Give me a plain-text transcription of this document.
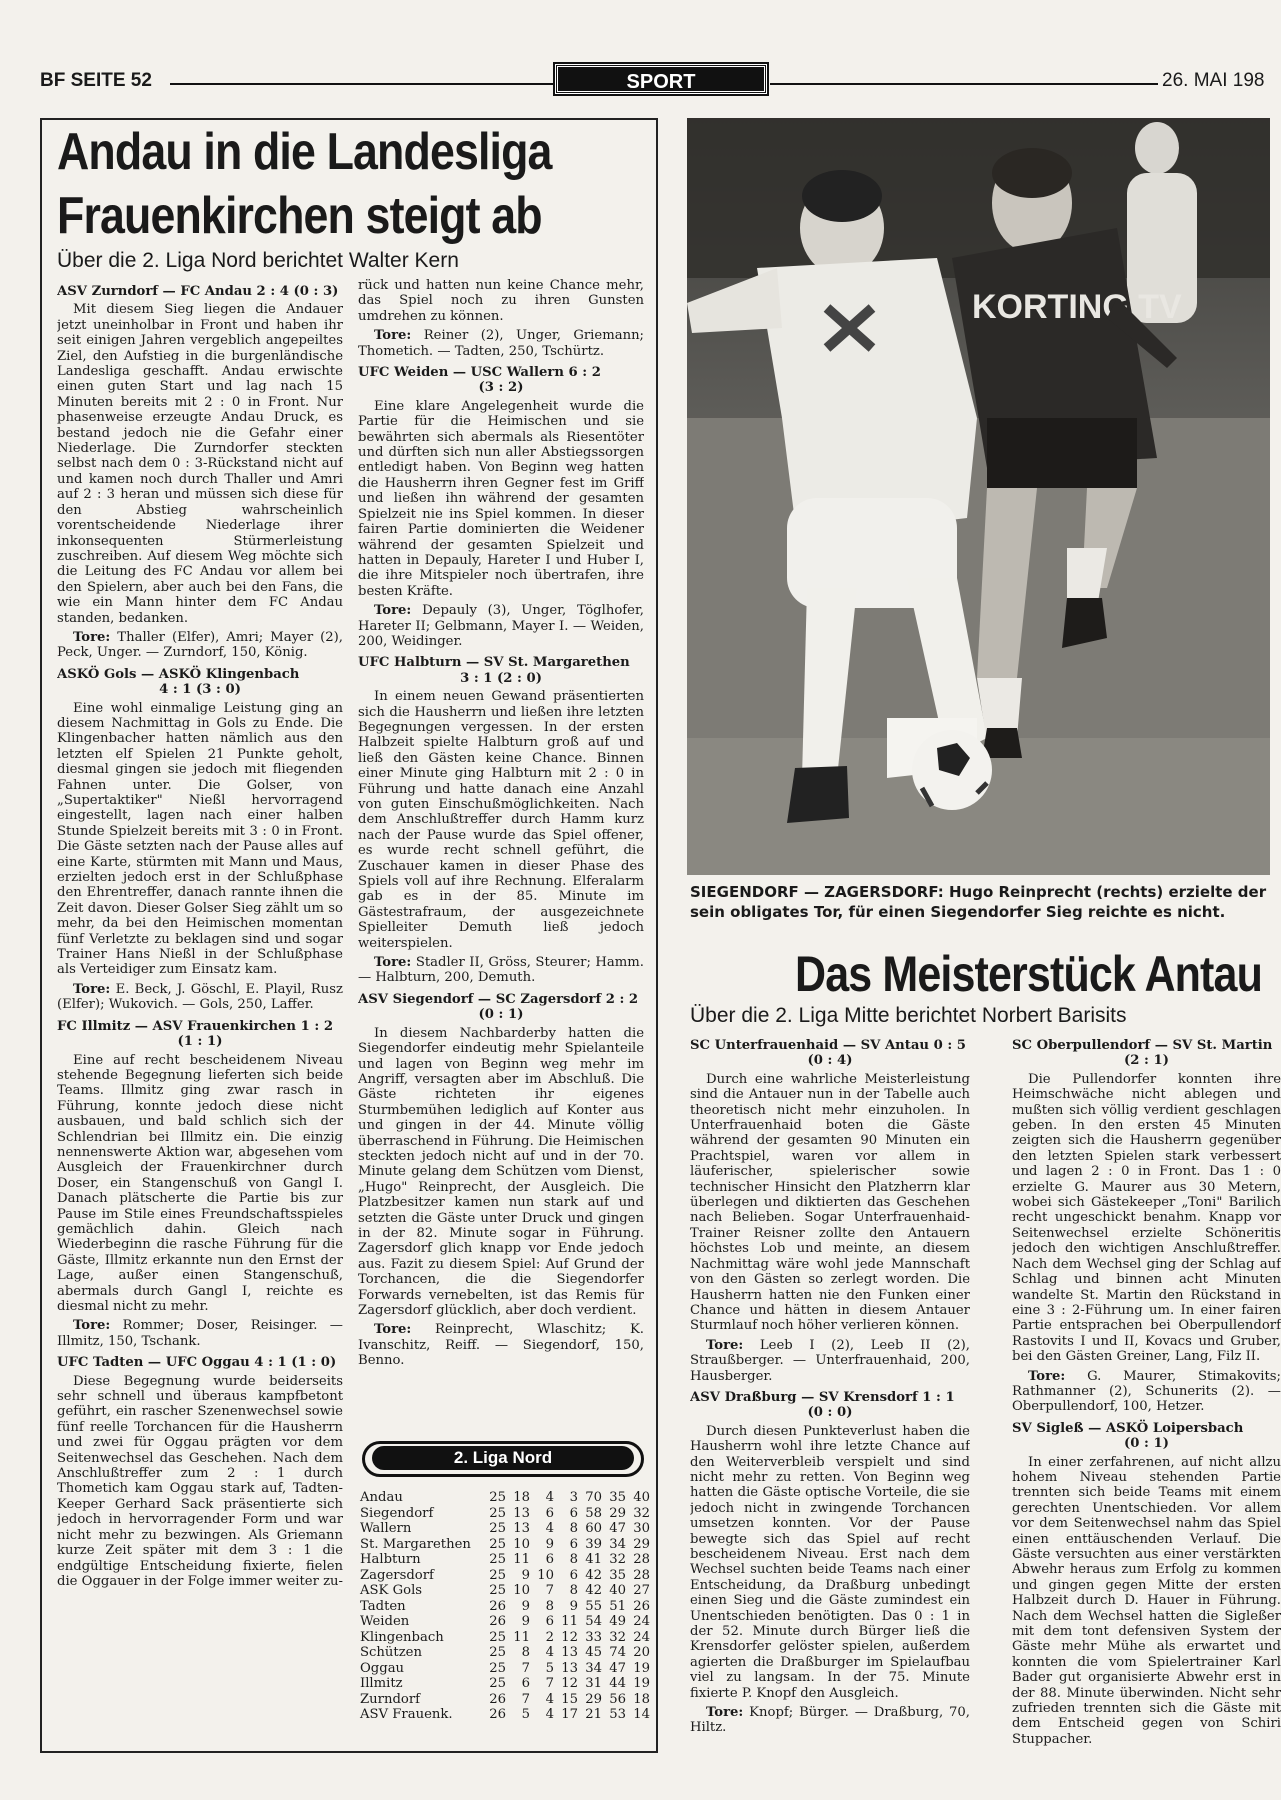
BF SEITE 52	SPORT	26. MAI 198
Andau in die Landesliga
Frauenkirchen steigt ab
Über die 2. Liga Nord berichtet Walter Kern
ASV Zurndorf — FC Andau 2 : 4 (0 : 3)

Mit diesem Sieg liegen die Andauer jetzt uneinholbar in Front und haben ihr seit einigen Jahren vergeblich angepeiltes Ziel, den Aufstieg in die burgenländische Landesliga geschafft. Andau erwischte einen guten Start und lag nach 15 Minuten bereits mit 2 : 0 in Front. Nur phasenweise erzeugte Andau Druck, es bestand jedoch nie die Gefahr einer Niederlage. Die Zurndorfer steckten selbst nach dem 0 : 3-Rückstand nicht auf und kamen noch durch Thaller und Amri auf 2 : 3 heran und müssen sich diese für den Abstieg wahrscheinlich vorentscheidende Niederlage ihrer inkonsequenten Stürmerleistung zuschreiben. Auf diesem Weg möchte sich die Leitung des FC Andau vor allem bei den Spielern, aber auch bei den Fans, die wie ein Mann hinter dem FC Andau standen, bedanken.

Tore: Thaller (Elfer), Amri; Mayer (2), Peck, Unger. — Zurndorf, 150, König.

ASKÖ Gols — ASKÖ Klingenbach
4 : 1 (3 : 0)

Eine wohl einmalige Leistung ging an diesem Nachmittag in Gols zu Ende. Die Klingenbacher hatten nämlich aus den letzten elf Spielen 21 Punkte geholt, diesmal gingen sie jedoch mit fliegenden Fahnen unter. Die Golser, von „Supertaktiker" Nießl hervorragend eingestellt, lagen nach einer halben Stunde Spielzeit bereits mit 3 : 0 in Front. Die Gäste setzten nach der Pause alles auf eine Karte, stürmten mit Mann und Maus, erzielten jedoch erst in der Schlußphase den Ehrentreffer, danach rannte ihnen die Zeit davon. Dieser Golser Sieg zählt um so mehr, da bei den Heimischen momentan fünf Verletzte zu beklagen sind und sogar Trainer Hans Nießl in der Schlußphase als Verteidiger zum Einsatz kam.

Tore: E. Beck, J. Göschl, E. Playil, Rusz (Elfer); Wukovich. — Gols, 250, Laffer.

FC Illmitz — ASV Frauenkirchen 1 : 2
(1 : 1)

Eine auf recht bescheidenem Niveau stehende Begegnung lieferten sich beide Teams. Illmitz ging zwar rasch in Führung, konnte jedoch diese nicht ausbauen, und bald schlich sich der Schlendrian bei Illmitz ein. Die einzig nennenswerte Aktion war, abgesehen vom Ausgleich der Frauenkirchner durch Doser, ein Stangenschuß von Gangl I. Danach plätscherte die Partie bis zur Pause im Stile eines Freundschaftsspieles gemächlich dahin. Gleich nach Wiederbeginn die rasche Führung für die Gäste, Illmitz erkannte nun den Ernst der Lage, außer einen Stangenschuß, abermals durch Gangl I, reichte es diesmal nicht zu mehr.

Tore: Rommer; Doser, Reisinger. — Illmitz, 150, Tschank.

UFC Tadten — UFC Oggau 4 : 1 (1 : 0)

Diese Begegnung wurde beiderseits sehr schnell und überaus kampfbetont geführt, ein rascher Szenenwechsel sowie fünf reelle Torchancen für die Hausherrn und zwei für Oggau prägten vor dem Seitenwechsel das Geschehen. Nach dem Anschlußtreffer zum 2 : 1 durch Thometich kam Oggau stark auf, Tadten-Keeper Gerhard Sack präsentierte sich jedoch in hervorragender Form und war nicht mehr zu bezwingen. Als Griemann kurze Zeit später mit dem 3 : 1 die endgültige Entscheidung fixierte, fielen die Oggauer in der Folge immer weiter zu-

rück und hatten nun keine Chance mehr, das Spiel noch zu ihren Gunsten umdrehen zu können.

Tore: Reiner (2), Unger, Griemann; Thometich. — Tadten, 250, Tschürtz.

UFC Weiden — USC Wallern 6 : 2
(3 : 2)

Eine klare Angelegenheit wurde die Partie für die Heimischen und sie bewährten sich abermals als Riesentöter und dürften sich nun aller Abstiegssorgen entledigt haben. Von Beginn weg hatten die Hausherrn ihren Gegner fest im Griff und ließen ihn während der gesamten Spielzeit nie ins Spiel kommen. In dieser fairen Partie dominierten die Weidener während der gesamten Spielzeit und hatten in Depauly, Hareter I und Huber I, die ihre Mitspieler noch übertrafen, ihre besten Kräfte.

Tore: Depauly (3), Unger, Töglhofer, Hareter II; Gelbmann, Mayer I. — Weiden, 200, Weidinger.

UFC Halbturn — SV St. Margarethen
3 : 1 (2 : 0)

In einem neuen Gewand präsentierten sich die Hausherrn und ließen ihre letzten Begegnungen vergessen. In der ersten Halbzeit spielte Halbturn groß auf und ließ den Gästen keine Chance. Binnen einer Minute ging Halbturn mit 2 : 0 in Führung und hatte danach eine Anzahl von guten Einschußmöglichkeiten. Nach dem Anschlußtreffer durch Hamm kurz nach der Pause wurde das Spiel offener, es wurde recht schnell geführt, die Zuschauer kamen in dieser Phase des Spiels voll auf ihre Rechnung. Elferalarm gab es in der 85. Minute im Gästestrafraum, der ausgezeichnete Spielleiter Demuth ließ jedoch weiterspielen.

Tore: Stadler II, Gröss, Steurer; Hamm. — Halbturn, 200, Demuth.

ASV Siegendorf — SC Zagersdorf 2 : 2
(0 : 1)

In diesem Nachbarderby hatten die Siegendorfer eindeutig mehr Spielanteile und lagen von Beginn weg mehr im Angriff, versagten aber im Abschluß. Die Gäste richteten ihr eigenes Sturmbemühen lediglich auf Konter aus und gingen in der 44. Minute völlig überraschend in Führung. Die Heimischen steckten jedoch nicht auf und in der 70. Minute gelang dem Schützen vom Dienst, „Hugo" Reinprecht, der Ausgleich. Die Platzbesitzer kamen nun stark auf und setzten die Gäste unter Druck und gingen in der 82. Minute sogar in Führung. Zagersdorf glich knapp vor Ende jedoch aus. Fazit zu diesem Spiel: Auf Grund der Torchancen, die die Siegendorfer Forwards vernebelten, ist das Remis für Zagersdorf glücklich, aber doch verdient.

Tore: Reinprecht, Wlaschitz; K. Ivanschitz, Reiff. — Siegendorf, 150, Benno.

2. Liga Nord
Andau	25	18	4	3	70	35	40
Siegendorf	25	13	6	6	58	29	32
Wallern	25	13	4	8	60	47	30
St. Margarethen	25	10	9	6	39	34	29
Halbturn	25	11	6	8	41	32	28
Zagersdorf	25	9	10	6	42	35	28
ASK Gols	25	10	7	8	42	40	27
Tadten	26	9	8	9	55	51	26
Weiden	26	9	6	11	54	49	24
Klingenbach	25	11	2	12	33	32	24
Schützen	25	8	4	13	45	74	20
Oggau	25	7	5	13	34	47	19
Illmitz	25	6	7	12	31	44	19
Zurndorf	26	7	4	15	29	56	18
ASV Frauenk.	26	5	4	17	21	53	14
KORTING TV
SIEGENDORF — ZAGERSDORF: Hugo Reinprecht (rechts) erzielte der sein obligates Tor, für einen Siegendorfer Sieg reichte es nicht.
Das Meisterstück Antau
Über die 2. Liga Mitte berichtet Norbert Barisits
SC Unterfrauenhaid — SV Antau 0 : 5
(0 : 4)

Durch eine wahrliche Meisterleistung sind die Antauer nun in der Tabelle auch theoretisch nicht mehr einzuholen. In Unterfrauenhaid boten die Gäste während der gesamten 90 Minuten ein Prachtspiel, waren vor allem in läuferischer, spielerischer sowie technischer Hinsicht den Platzherrn klar überlegen und diktierten das Geschehen nach Belieben. Sogar Unterfrauenhaid-Trainer Reisner zollte den Antauern höchstes Lob und meinte, an diesem Nachmittag wäre wohl jede Mannschaft von den Gästen so zerlegt worden. Die Hausherrn hatten nie den Funken einer Chance und hätten in diesem Antauer Sturmlauf noch höher verlieren können.

Tore: Leeb I (2), Leeb II (2), Straußberger. — Unterfrauenhaid, 200, Hausberger.

ASV Draßburg — SV Krensdorf 1 : 1
(0 : 0)

Durch diesen Punkteverlust haben die Hausherrn wohl ihre letzte Chance auf den Weiterverbleib verspielt und sind nicht mehr zu retten. Von Beginn weg hatten die Gäste optische Vorteile, die sie jedoch nicht in zwingende Torchancen umsetzen konnten. Vor der Pause bewegte sich das Spiel auf recht bescheidenem Niveau. Erst nach dem Wechsel suchten beide Teams nach einer Entscheidung, da Draßburg unbedingt einen Sieg und die Gäste zumindest ein Unentschieden benötigten. Das 0 : 1 in der 52. Minute durch Bürger ließ die Krensdorfer gelöster spielen, außerdem agierten die Draßburger im Spielaufbau viel zu langsam. In der 75. Minute fixierte P. Knopf den Ausgleich.

Tore: Knopf; Bürger. — Draßburg, 70, Hiltz.

SC Oberpullendorf — SV St. Martin
(2 : 1)

Die Pullendorfer konnten ihre Heimschwäche nicht ablegen und mußten sich völlig verdient geschlagen geben. In den ersten 45 Minuten zeigten sich die Hausherrn gegenüber den letzten Spielen stark verbessert und lagen 2 : 0 in Front. Das 1 : 0 erzielte G. Maurer aus 30 Metern, wobei sich Gästekeeper „Toni" Barilich recht ungeschickt benahm. Knapp vor Seitenwechsel erzielte Schöneritis jedoch den wichtigen Anschlußtreffer. Nach dem Wechsel ging der Schlag auf Schlag und binnen acht Minuten wandelte St. Martin den Rückstand in eine 3 : 2-Führung um. In einer fairen Partie entsprachen bei Oberpullendorf Rastovits I und II, Kovacs und Gruber, bei den Gästen Greiner, Lang, Filz II.

Tore: G. Maurer, Stimakovits; Rathmanner (2), Schunerits (2). — Oberpullendorf, 100, Hetzer.

SV Sigleß — ASKÖ Loipersbach
(0 : 1)

In einer zerfahrenen, auf nicht allzu hohem Niveau stehenden Partie trennten sich beide Teams mit einem gerechten Unentschieden. Vor allem vor dem Seitenwechsel nahm das Spiel einen enttäuschenden Verlauf. Die Gäste versuchten aus einer verstärkten Abwehr heraus zum Erfolg zu kommen und gingen gegen Mitte der ersten Halbzeit durch D. Hauer in Führung. Nach dem Wechsel hatten die Siglеßer mit dem tont defensiven System der Gäste mehr Mühe als erwartet und konnten die vom Spielertrainer Karl Bader gut organisierte Abwehr erst in der 88. Minute überwinden. Nicht sehr zufrieden trennten sich die Gäste mit dem Entscheid gegen von Schiri Stuppacher.
